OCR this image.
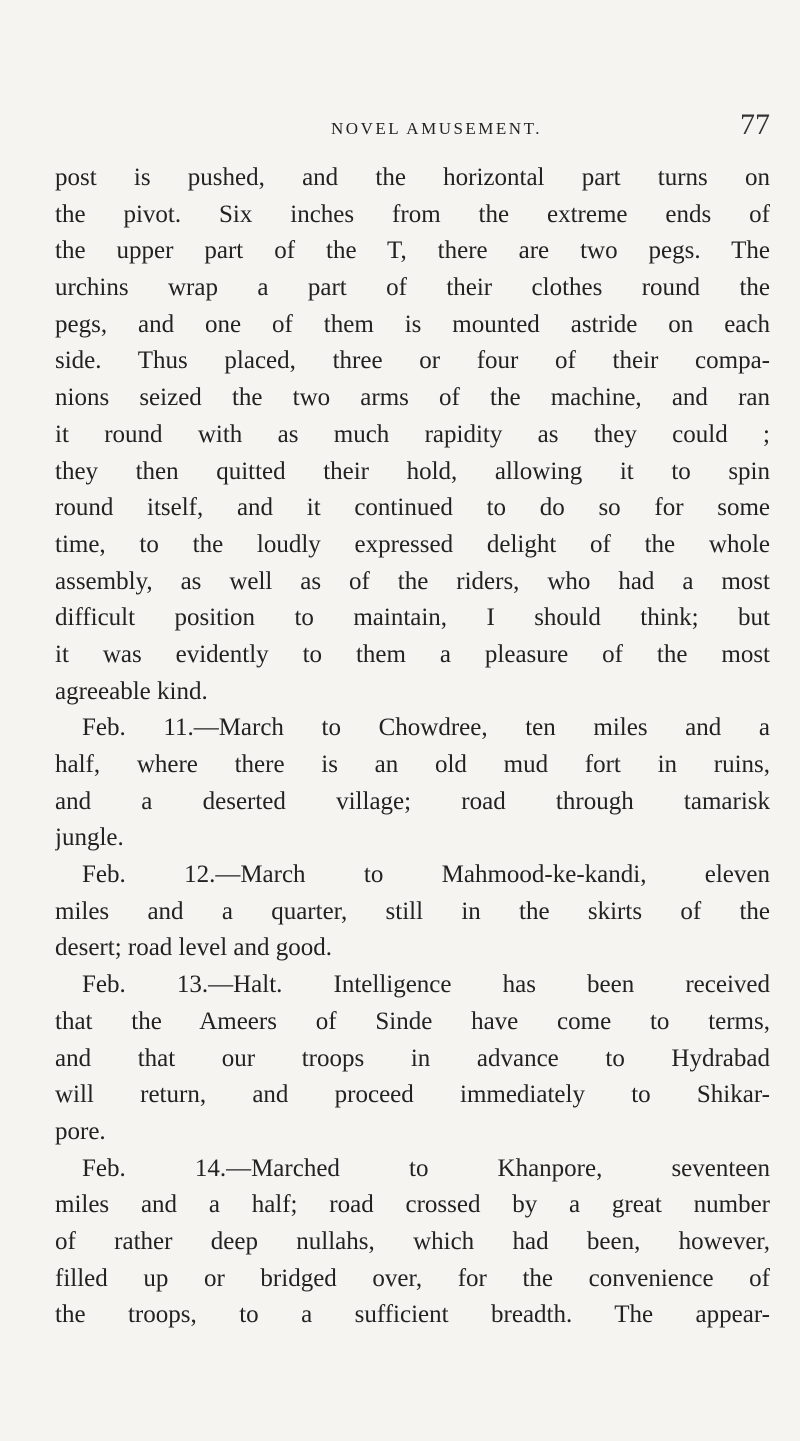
NOVEL AMUSEMENT.	77
post is pushed, and the horizontal part turns on
the pivot. Six inches from the extreme ends of
the upper part of the T, there are two pegs. The
urchins wrap a part of their clothes round the
pegs, and one of them is mounted astride on each
side. Thus placed, three or four of their compa-
nions seized the two arms of the machine, and ran
it round with as much rapidity as they could ;
they then quitted their hold, allowing it to spin
round itself, and it continued to do so for some
time, to the loudly expressed delight of the whole
assembly, as well as of the riders, who had a most
difficult position to maintain, I should think; but
it was evidently to them a pleasure of the most
agreeable kind.
Feb. 11.—March to Chowdree, ten miles and a
half, where there is an old mud fort in ruins,
and a deserted village; road through tamarisk
jungle.
Feb. 12.—March to Mahmood-ke-kandi, eleven
miles and a quarter, still in the skirts of the
desert; road level and good.
Feb. 13.—Halt. Intelligence has been received
that the Ameers of Sinde have come to terms,
and that our troops in advance to Hydrabad
will return, and proceed immediately to Shikar-
pore.
Feb. 14.—Marched to Khanpore, seventeen
miles and a half; road crossed by a great number
of rather deep nullahs, which had been, however,
filled up or bridged over, for the convenience of
the troops, to a sufficient breadth. The appear-
